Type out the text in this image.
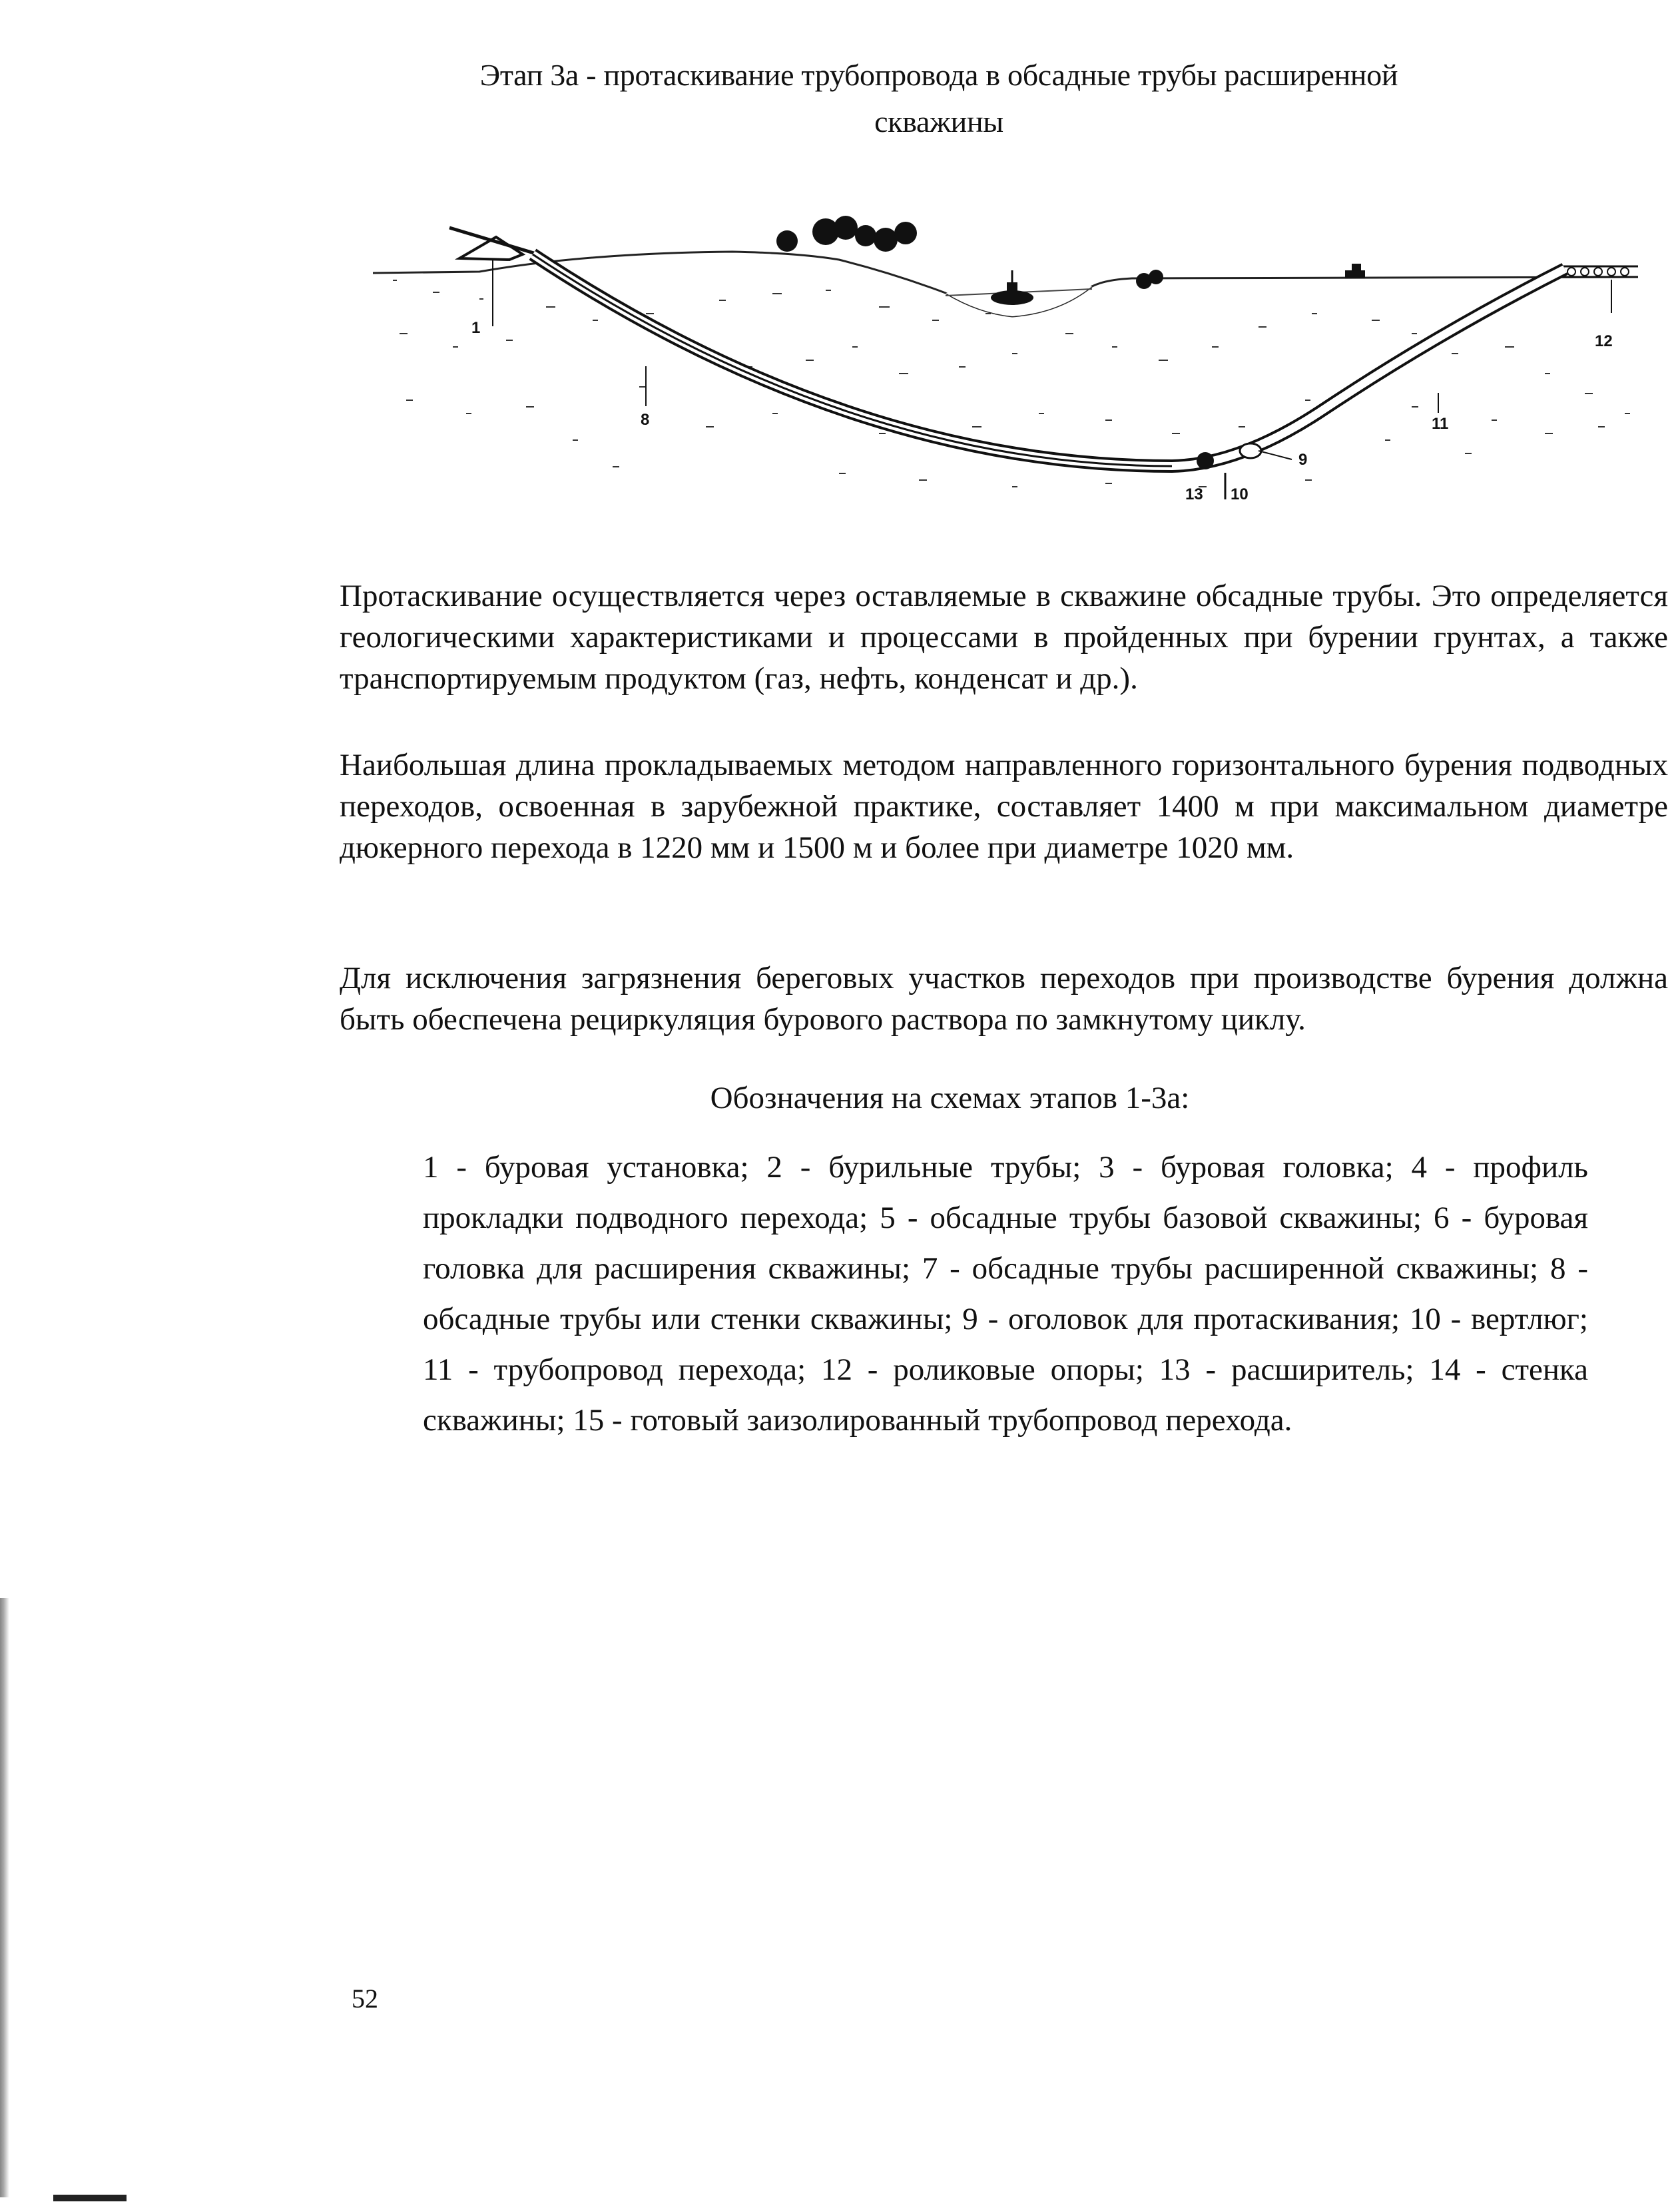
Этап 3а - протаскивание трубопровода в обсадные трубы расширенной
скважины
1
8
13 10
9
11
12

Протаскивание осуществляется через оставляемые в скважине обсадные трубы. Это определяется геологическими характеристиками и процессами в пройденных при бурении грунтах, а также транспортируемым продуктом (газ, нефть, конденсат и др.).

Наибольшая длина прокладываемых методом направленного горизонтального бурения подводных переходов, освоенная в зарубежной практике, составляет 1400 м при максимальном диаметре дюкерного перехода в 1220 мм и 1500 м и более при диаметре 1020 мм.

Для исключения загрязнения береговых участков переходов при производстве бурения должна быть обеспечена рециркуляция бурового раствора по замкнутому циклу.

Обозначения на схемах этапов 1-3а:

1 - буровая установка; 2 - бурильные трубы; 3 - буровая головка; 4 - профиль прокладки подводного перехода; 5 - обсадные трубы базовой скважины; 6 - буровая головка для расширения скважины; 7 - обсадные трубы расширенной скважины; 8 - обсадные трубы или стенки скважины; 9 - оголовок для протаскивания; 10 - вертлюг; 11 - трубопровод перехода; 12 - роликовые опоры; 13 - расширитель; 14 - стенка скважины; 15 - готовый заизолированный трубопровод перехода.

52
